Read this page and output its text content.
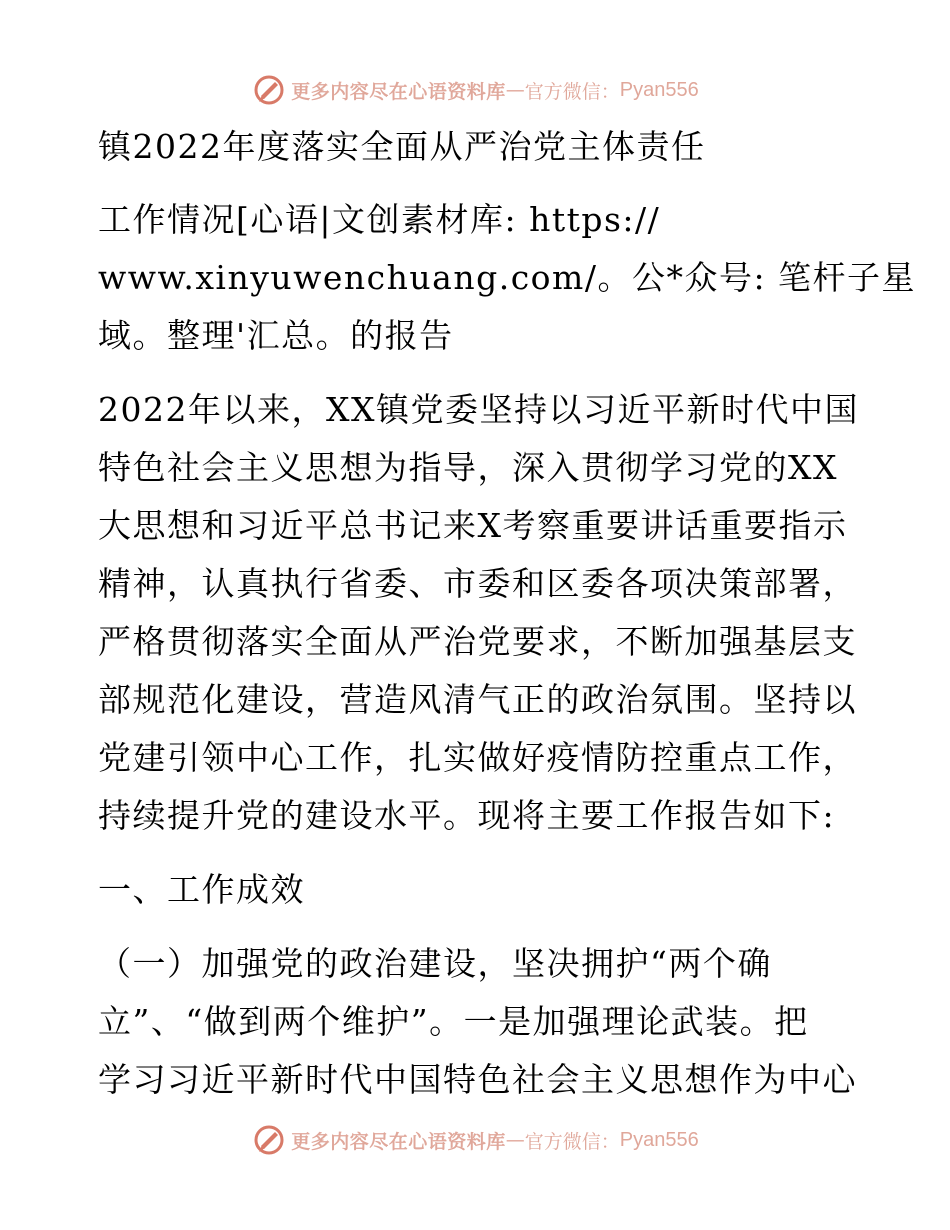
更多内容尽在心语资料库 — 官方微信： Pyan556
镇2022年度落实全面从严治党主体责任
工作情况[心语|文创素材库: https://
www.xinyuwenchuang.com/。公*众号: 笔杆子星
域。整理'汇总。的报告
2022年以来，XX镇党委坚持以习近平新时代中国
特色社会主义思想为指导，深入贯彻学习党的XX
大思想和习近平总书记来X考察重要讲话重要指示
精神，认真执行省委、市委和区委各项决策部署，
严格贯彻落实全面从严治党要求，不断加强基层支
部规范化建设，营造风清气正的政治氛围。坚持以
党建引领中心工作，扎实做好疫情防控重点工作，
持续提升党的建设水平。现将主要工作报告如下:
一、工作成效
（一）加强党的政治建设，坚决拥护“两个确
立”、“做到两个维护”。一是加强理论武装。把
学习习近平新时代中国特色社会主义思想作为中心
更多内容尽在心语资料库 — 官方微信： Pyan556
